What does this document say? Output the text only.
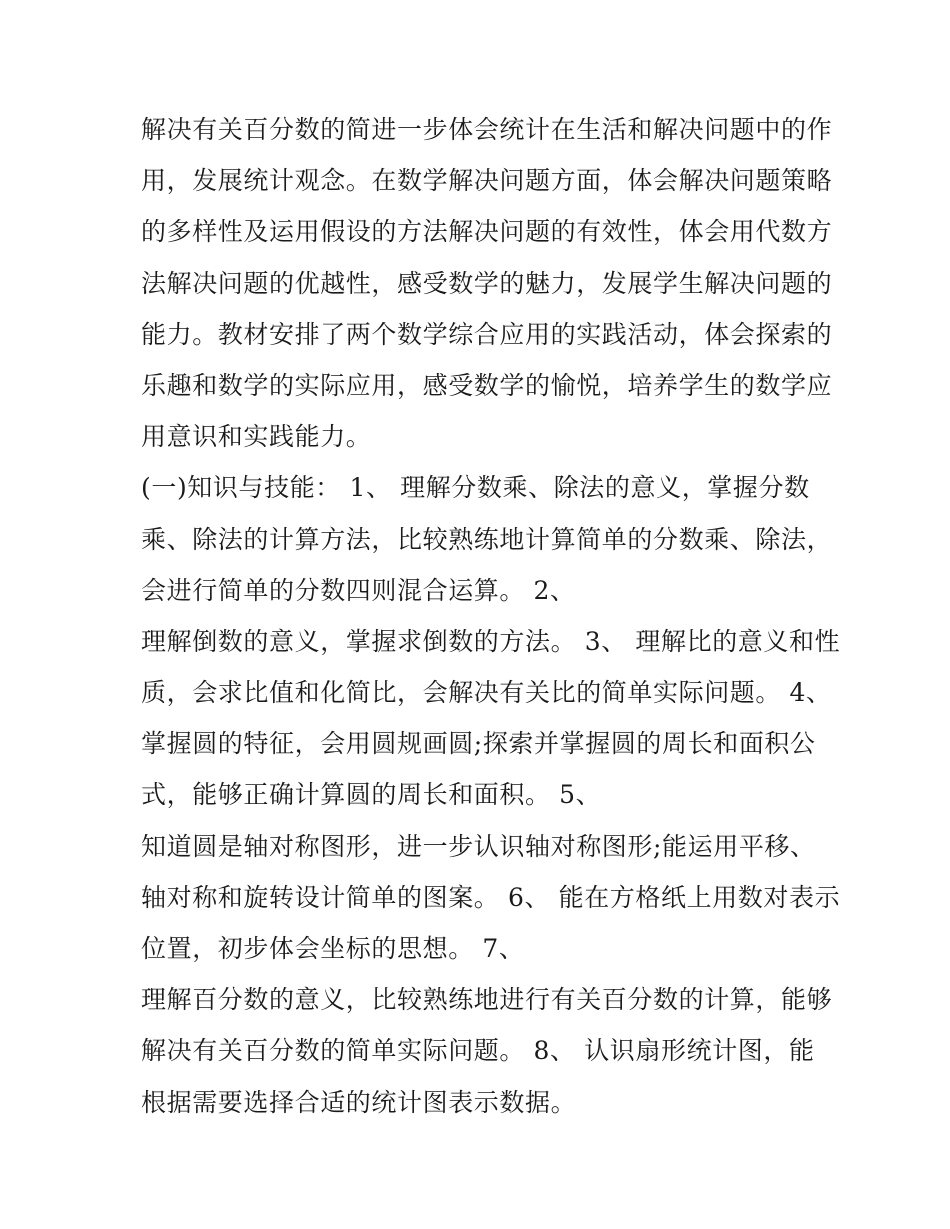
解决有关百分数的简进一步体会统计在生活和解决问题中的作
用，发展统计观念。在数学解决问题方面，体会解决问题策略
的多样性及运用假设的方法解决问题的有效性，体会用代数方
法解决问题的优越性，感受数学的魅力，发展学生解决问题的
能力。教材安排了两个数学综合应用的实践活动，体会探索的
乐趣和数学的实际应用，感受数学的愉悦，培养学生的数学应
用意识和实践能力。
(一)知识与技能： 1、 理解分数乘、除法的意义，掌握分数
乘、除法的计算方法，比较熟练地计算简单的分数乘、除法，
会进行简单的分数四则混合运算。 2、
理解倒数的意义，掌握求倒数的方法。 3、 理解比的意义和性
质，会求比值和化简比，会解决有关比的简单实际问题。 4、
掌握圆的特征，会用圆规画圆;探索并掌握圆的周长和面积公
式，能够正确计算圆的周长和面积。 5、
知道圆是轴对称图形，进一步认识轴对称图形;能运用平移、
轴对称和旋转设计简单的图案。 6、 能在方格纸上用数对表示
位置，初步体会坐标的思想。 7、
理解百分数的意义，比较熟练地进行有关百分数的计算，能够
解决有关百分数的简单实际问题。 8、 认识扇形统计图，能
根据需要选择合适的统计图表示数据。
